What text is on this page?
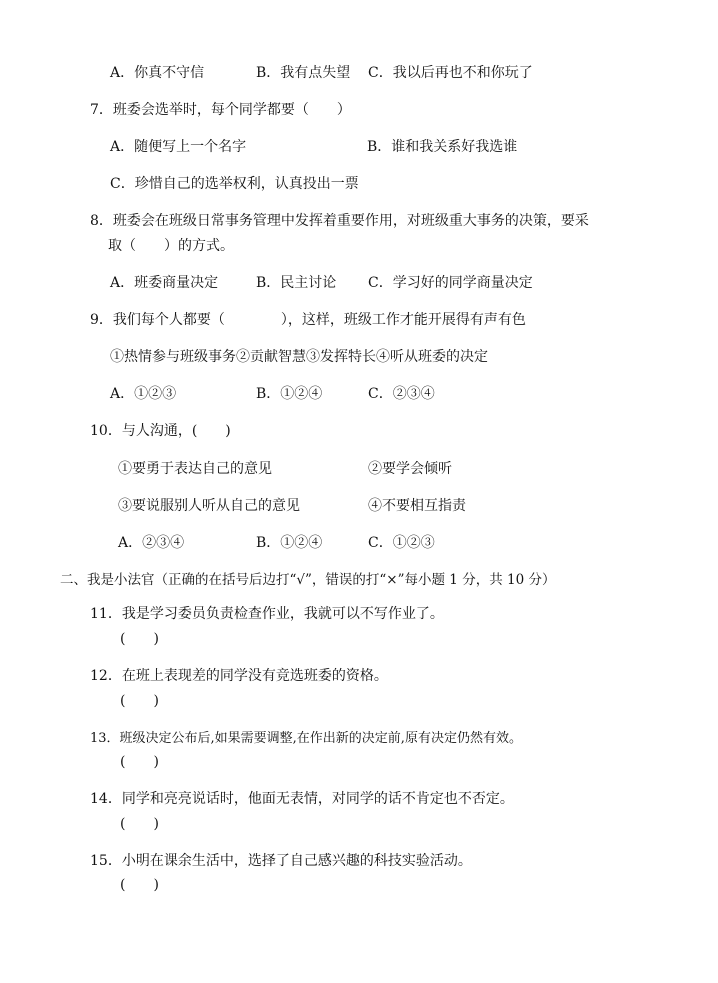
A．你真不守信	B．我有点失望 C．我以后再也不和你玩了
7．班委会选举时，每个同学都要（　　）
A．随便写上一个名字	B．谁和我关系好我选谁
C．珍惜自己的选举权利，认真投出一票
8．班委会在班级日常事务管理中发挥着重要作用，对班级重大事务的决策，要采
取（　　）的方式。
A．班委商量决定	B．民主讨论 C．学习好的同学商量决定
9．我们每个人都要（　　　　），这样，班级工作才能开展得有声有色
①热情参与班级事务②贡献智慧③发挥特长④听从班委的决定
A．①②③	B．①②④	C．②③④
10．与人沟通，(　　)
①要勇于表达自己的意见	②要学会倾听
③要说服别人听从自己的意见	④不要相互指责
A．②③④	B．①②④	C．①②③
二、我是小法官（正确的在括号后边打“√”，错误的打“×”每小题 1 分，共 10 分）
11．我是学习委员负责检查作业，我就可以不写作业了。
(　　)
12．在班上表现差的同学没有竞选班委的资格。
(　　)
13．班级决定公布后,如果需要调整,在作出新的决定前,原有决定仍然有效。
(　　)
14．同学和亮亮说话时，他面无表情，对同学的话不肯定也不否定。
(　　)
15．小明在课余生活中，选择了自己感兴趣的科技实验活动。
(　　)
